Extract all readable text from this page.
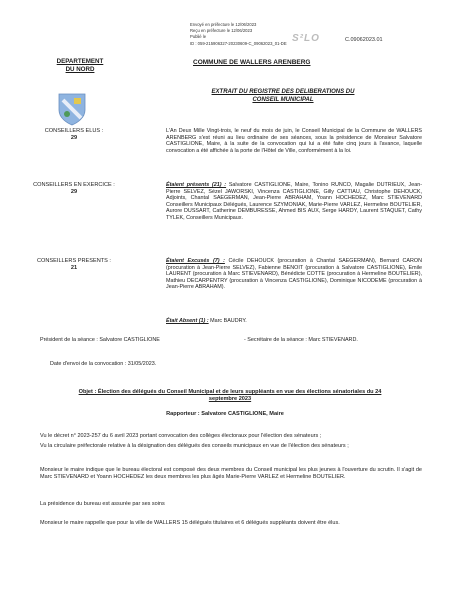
Envoyé en préfecture le 12/06/2023
Reçu en préfecture le 12/06/2023
Publié le
ID : 059-215906327-20230609-C_09062023_01-DE S²LO	C.09062023.01
DEPARTEMENT
DU NORD
COMMUNE DE WALLERS ARENBERG
EXTRAIT DU REGISTRE DES DELIBERATIONS DU
CONSEIL MUNICIPAL
CONSEILLERS ELUS :
29
L'An Deux Mille Vingt-trois, le neuf du mois de juin, le Conseil Municipal de la Commune de WALLERS ARENBERG s'est réuni au lieu ordinaire de ses séances, sous la présidence de Monsieur Salvatore CASTIGLIONE, Maire, à la suite de la convocation qui lui a été faite cinq jours à l'avance, laquelle convocation a été affichée à la porte de l'Hôtel de Ville, conformément à la loi.
CONSEILLERS EN EXERCICE :
29
Étaient présents (21) : Salvatore CASTIGLIONE, Maire, Tonino RUNCO, Magalie DUTRIEUX, Jean-Pierre SELVEZ, Sézel JAWORSKI, Vincenza CASTIGLIONE, Gilly CATTIAU, Christophe DEHOUCK, Adjoints, Chantal SAEGERMAN, Jean-Pierre ABRAHAM, Yoann HOCHEDEZ, Marc STIEVENARD Conseillers Municipaux Délégués, Laurence SZYMONIAK, Marie-Pierre VARLEZ, Hermeline BOUTELIER, Aurore DUSSART, Catherine DEMBURESSE, Ahmed BIS AUX, Serge HARDY, Laurent STAQUET, Cathy TYLEK, Conseillers Municipaux.
CONSEILLERS PRESENTS :
21
Étaient Excusés (7) : Cécile DEHOUCK (procuration à Chantal SAEGERMAN), Bernard CARON (procuration à Jean-Pierre SELVEZ), Fabienne BENOIT (procuration à Salvatore CASTIGLIONE), Emile LAURENT (procuration à Marc STIEVENARD), Bénédicte COTTE (procuration à Hermeline BOUTELIER), Mathieu DECARPENTRY (procuration à Vincenza CASTIGLIONE), Dominique NICODEME (procuration à Jean-Pierre ABRAHAM).
Était Absent (1) : Marc BAUDRY.
Président de la séance : Salvatore CASTIGLIONE	- Secrétaire de la séance : Marc STIEVENARD.
Date d'envoi de la convocation : 31/05/2023.
Objet : Élection des délégués du Conseil Municipal et de leurs suppléants en vue des élections sénatoriales du 24
septembre 2023
Rapporteur : Salvatore CASTIGLIONE, Maire
Vu le décret n° 2023-257 du 6 avril 2023 portant convocation des collèges électoraux pour l'élection des sénateurs ;
Vu la circulaire préfectorale relative à la désignation des délégués des conseils municipaux en vue de l'élection des sénateurs ;
Monsieur le maire indique que le bureau électoral est composé des deux membres du Conseil municipal les plus jeunes à l'ouverture du scrutin. Il s'agit de Marc STIEVENARD et Yoann HOCHEDEZ les deux membres les plus âgés Marie-Pierre VARLEZ et Hermeline BOUTELIER.
La présidence du bureau est assurée par ses soins
Monsieur le maire rappelle que pour la ville de WALLERS 15 délégués titulaires et 6 délégués suppléants doivent être élus.
